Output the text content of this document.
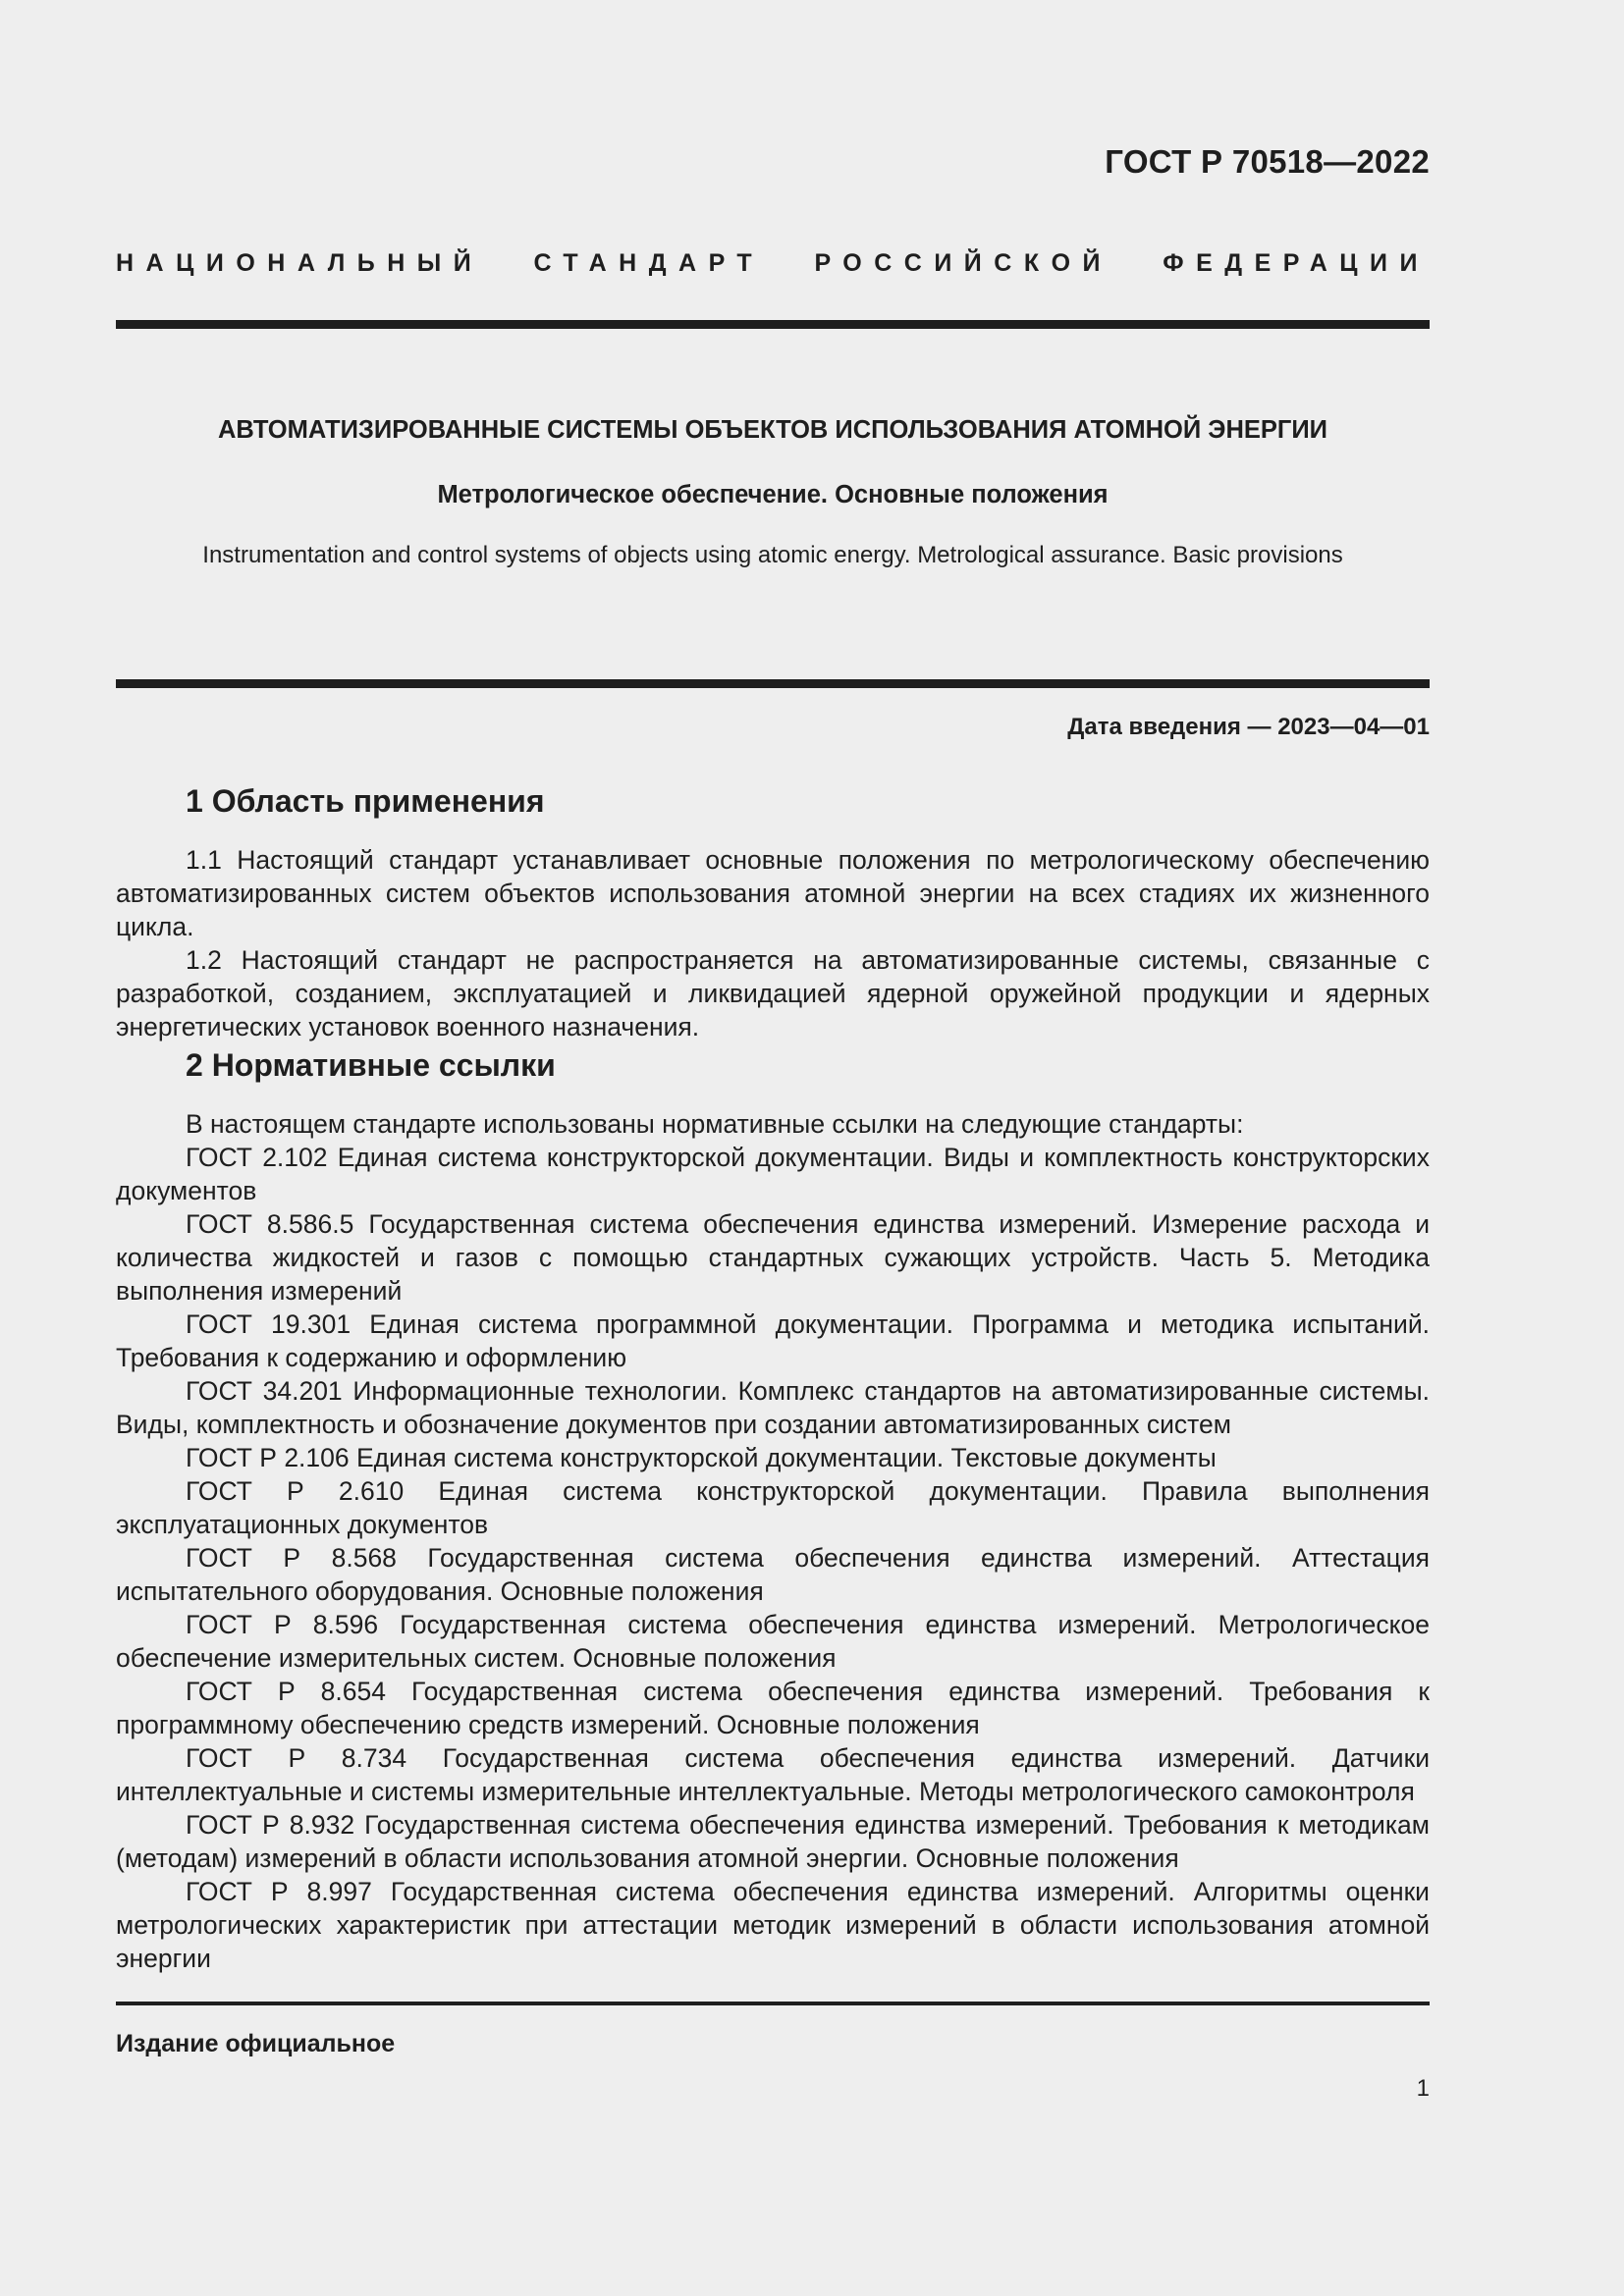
ГОСТ Р 70518—2022
НАЦИОНАЛЬНЫЙ СТАНДАРТ РОССИЙСКОЙ ФЕДЕРАЦИИ
АВТОМАТИЗИРОВАННЫЕ СИСТЕМЫ ОБЪЕКТОВ ИСПОЛЬЗОВАНИЯ АТОМНОЙ ЭНЕРГИИ
Метрологическое обеспечение. Основные положения
Instrumentation and control systems of objects using atomic energy. Metrological assurance. Basic provisions
Дата введения — 2023—04—01
1 Область применения

1.1 Настоящий стандарт устанавливает основные положения по метрологическому обеспечению автоматизированных систем объектов использования атомной энергии на всех стадиях их жизненного цикла.

1.2 Настоящий стандарт не распространяется на автоматизированные системы, связанные с разработкой, созданием, эксплуатацией и ликвидацией ядерной оружейной продукции и ядерных энергетических установок военного назначения.

2 Нормативные ссылки

В настоящем стандарте использованы нормативные ссылки на следующие стандарты:

ГОСТ 2.102 Единая система конструкторской документации. Виды и комплектность конструкторских документов

ГОСТ 8.586.5 Государственная система обеспечения единства измерений. Измерение расхода и количества жидкостей и газов с помощью стандартных сужающих устройств. Часть 5. Методика выполнения измерений

ГОСТ 19.301 Единая система программной документации. Программа и методика испытаний. Требования к содержанию и оформлению

ГОСТ 34.201 Информационные технологии. Комплекс стандартов на автоматизированные системы. Виды, комплектность и обозначение документов при создании автоматизированных систем

ГОСТ Р 2.106 Единая система конструкторской документации. Текстовые документы

ГОСТ Р 2.610 Единая система конструкторской документации. Правила выполнения эксплуатационных документов

ГОСТ Р 8.568 Государственная система обеспечения единства измерений. Аттестация испытательного оборудования. Основные положения

ГОСТ Р 8.596 Государственная система обеспечения единства измерений. Метрологическое обеспечение измерительных систем. Основные положения

ГОСТ Р 8.654 Государственная система обеспечения единства измерений. Требования к программному обеспечению средств измерений. Основные положения

ГОСТ Р 8.734 Государственная система обеспечения единства измерений. Датчики интеллектуальные и системы измерительные интеллектуальные. Методы метрологического самоконтроля

ГОСТ Р 8.932 Государственная система обеспечения единства измерений. Требования к методикам (методам) измерений в области использования атомной энергии. Основные положения

ГОСТ Р 8.997 Государственная система обеспечения единства измерений. Алгоритмы оценки метрологических характеристик при аттестации методик измерений в области использования атомной энергии

Издание официальное
1
